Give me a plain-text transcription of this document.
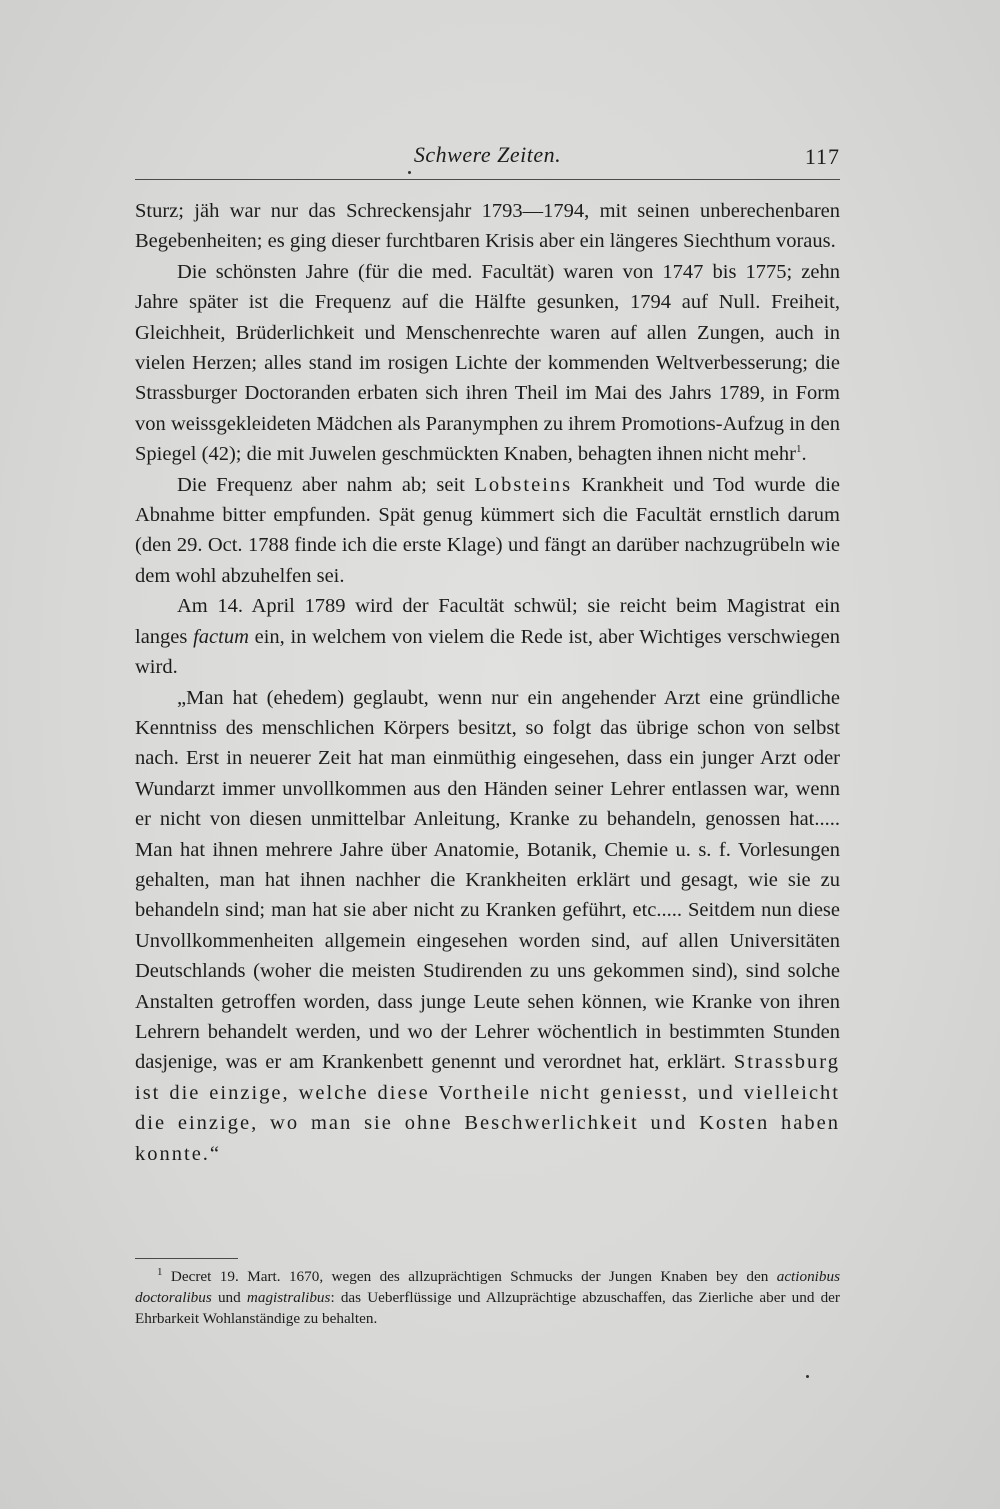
Schwere Zeiten.	117

Sturz; jäh war nur das Schreckensjahr 1793—1794, mit seinen unberechenbaren Begebenheiten; es ging dieser furchtbaren Krisis aber ein längeres Siechthum voraus.

Die schönsten Jahre (für die med. Facultät) waren von 1747 bis 1775; zehn Jahre später ist die Frequenz auf die Hälfte gesunken, 1794 auf Null. Freiheit, Gleichheit, Brüderlichkeit und Menschenrechte waren auf allen Zungen, auch in vielen Herzen; alles stand im rosigen Lichte der kommenden Weltverbesserung; die Strassburger Doctoranden erbaten sich ihren Theil im Mai des Jahrs 1789, in Form von weissgekleideten Mädchen als Paranymphen zu ihrem Promotions-Aufzug in den Spiegel (42); die mit Juwelen geschmückten Knaben, behagten ihnen nicht mehr$^1$.

Die Frequenz aber nahm ab; seit Lobsteins Krankheit und Tod wurde die Abnahme bitter empfunden. Spät genug kümmert sich die Facultät ernstlich darum (den 29. Oct. 1788 finde ich die erste Klage) und fängt an darüber nachzugrübeln wie dem wohl abzuhelfen sei.

Am 14. April 1789 wird der Facultät schwül; sie reicht beim Magistrat ein langes factum ein, in welchem von vielem die Rede ist, aber Wichtiges verschwiegen wird.

„Man hat (ehedem) geglaubt, wenn nur ein angehender Arzt eine gründliche Kenntniss des menschlichen Körpers besitzt, so folgt das übrige schon von selbst nach. Erst in neuerer Zeit hat man einmüthig eingesehen, dass ein junger Arzt oder Wundarzt immer unvollkommen aus den Händen seiner Lehrer entlassen war, wenn er nicht von diesen unmittelbar Anleitung, Kranke zu behandeln, genossen hat..... Man hat ihnen mehrere Jahre über Anatomie, Botanik, Chemie u. s. f. Vorlesungen gehalten, man hat ihnen nachher die Krankheiten erklärt und gesagt, wie sie zu behandeln sind; man hat sie aber nicht zu Kranken geführt, etc..... Seitdem nun diese Unvollkommenheiten allgemein eingesehen worden sind, auf allen Universitäten Deutschlands (woher die meisten Studirenden zu uns gekommen sind), sind solche Anstalten getroffen worden, dass junge Leute sehen können, wie Kranke von ihren Lehrern behandelt werden, und wo der Lehrer wöchentlich in bestimmten Stunden dasjenige, was er am Krankenbett genennt und verordnet hat, erklärt. Strassburg ist die einzige, welche diese Vortheile nicht geniesst, und vielleicht die einzige, wo man sie ohne Beschwerlichkeit und Kosten haben konnte.“

$^1$ Decret 19. Mart. 1670, wegen des allzuprächtigen Schmucks der Jungen Knaben bey den actionibus doctoralibus und magistralibus: das Ueberflüssige und Allzuprächtige abzuschaffen, das Zierliche aber und der Ehrbarkeit Wohlanständige zu behalten.
